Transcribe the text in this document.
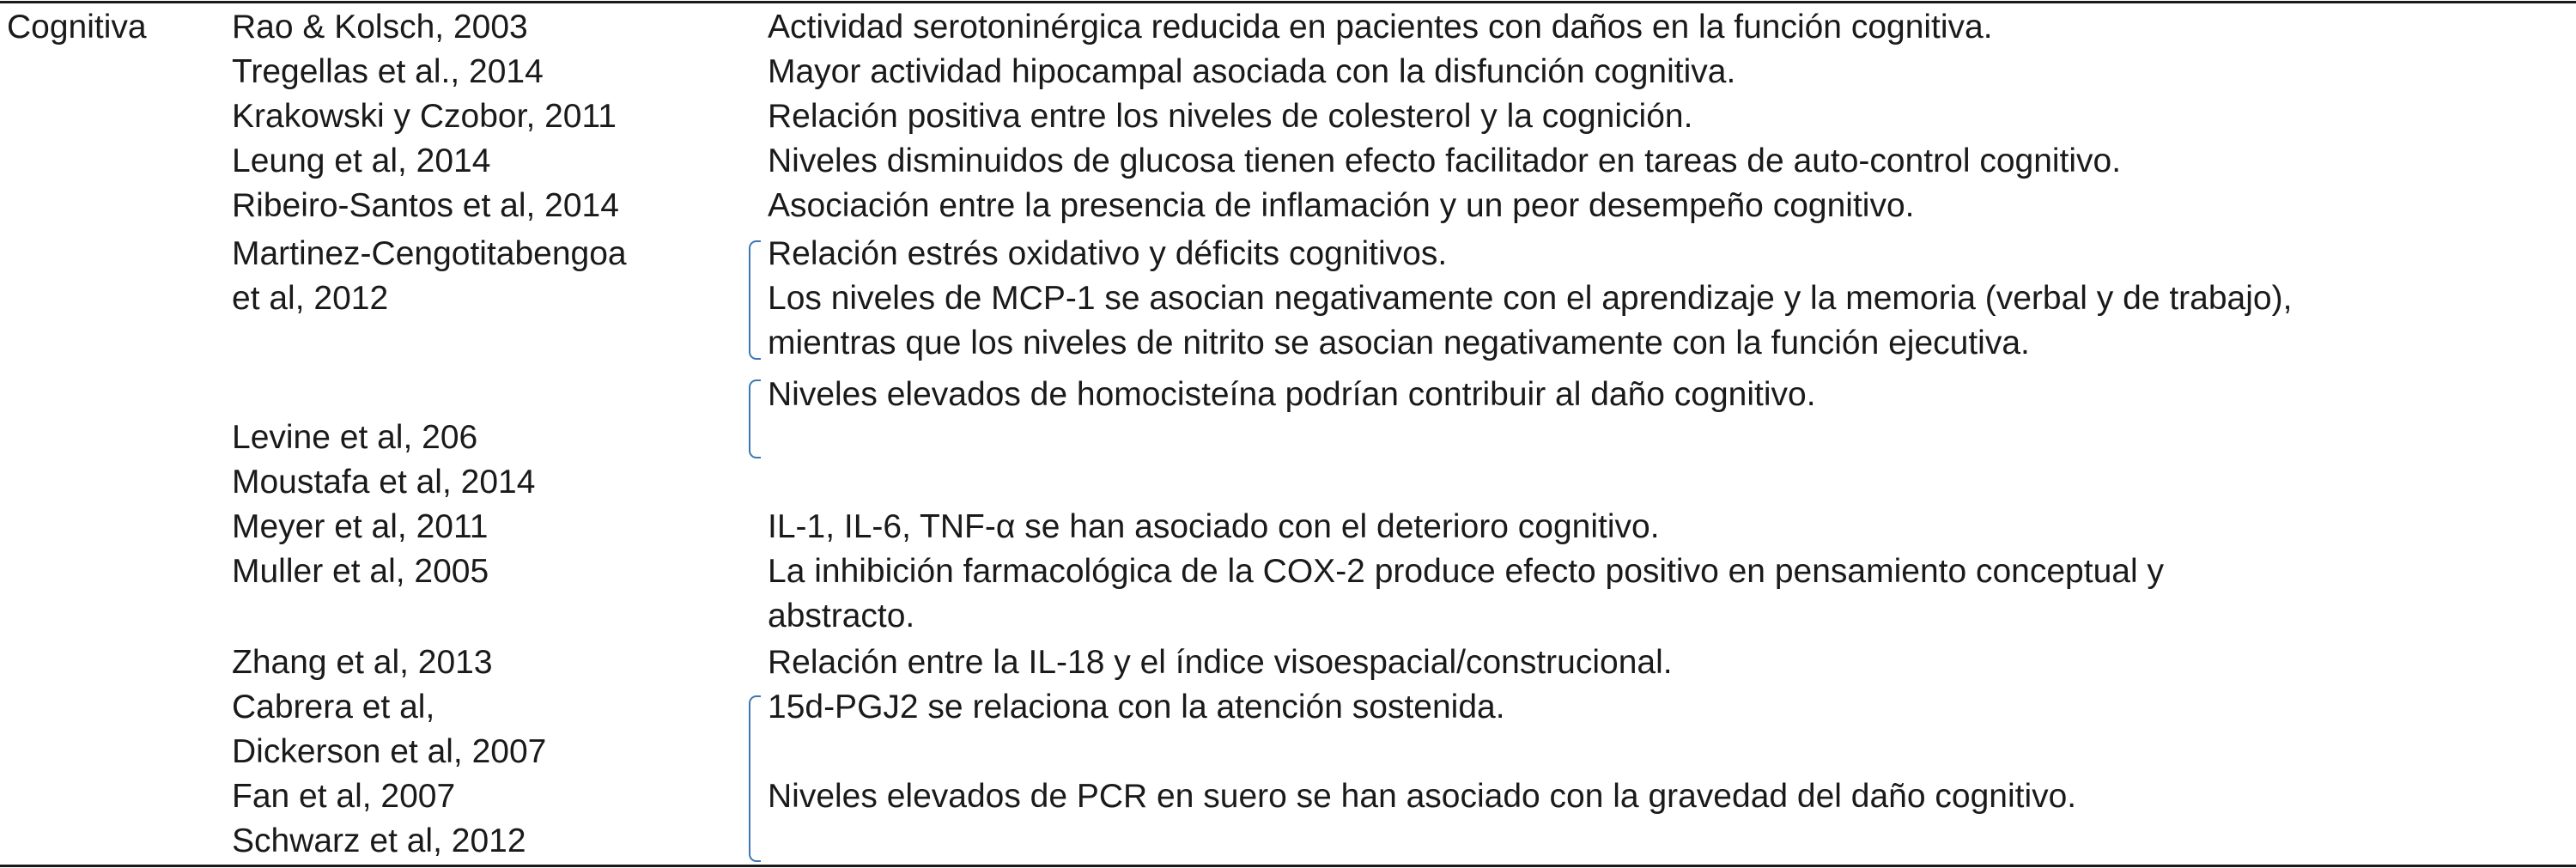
Cognitiva	Rao & Kolsch, 2003
Tregellas et al., 2014
Krakowski y Czobor, 2011
Leung et al, 2014
Ribeiro-Santos et al, 2014
Martinez-Cengotitabengoa
et al, 2012
Levine et al, 206
Moustafa et al, 2014
Meyer et al, 2011
Muller et al, 2005
Zhang et al, 2013
Cabrera et al,
Dickerson et al, 2007
Fan et al, 2007
Schwarz et al, 2012
Actividad serotoninérgica reducida en pacientes con daños en la función cognitiva.
Mayor actividad hipocampal asociada con la disfunción cognitiva.
Relación positiva entre los niveles de colesterol y la cognición.
Niveles disminuidos de glucosa tienen efecto facilitador en tareas de auto-control cognitivo.
Asociación entre la presencia de inflamación y un peor desempeño cognitivo.
Relación estrés oxidativo y déficits cognitivos.
Los niveles de MCP-1 se asocian negativamente con el aprendizaje y la memoria (verbal y de trabajo),
mientras que los niveles de nitrito se asocian negativamente con la función ejecutiva.
Niveles elevados de homocisteína podrían contribuir al daño cognitivo.
IL-1, IL-6, TNF-α se han asociado con el deterioro cognitivo.
La inhibición farmacológica de la COX-2 produce efecto positivo en pensamiento conceptual y
abstracto.
Relación entre la IL-18 y el índice visoespacial/construcional.
15d-PGJ2 se relaciona con la atención sostenida.
Niveles elevados de PCR en suero se han asociado con la gravedad del daño cognitivo.
